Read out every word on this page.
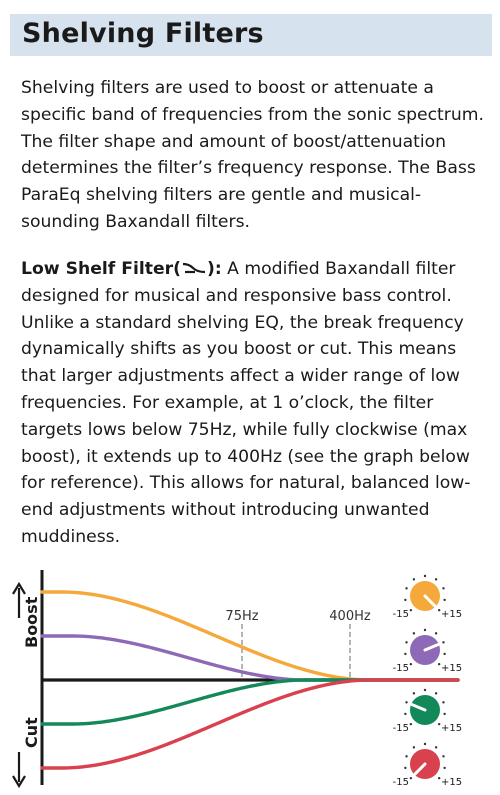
Shelving Filters

Shelving filters are used to boost or attenuate a specific band of frequencies from the sonic spectrum. The filter shape and amount of boost/attenuation determines the filter’s frequency response. The Bass ParaEq shelving filters are gentle and musical-sounding Baxandall filters.

Low Shelf Filter( ): A modified Baxandall filter designed for musical and responsive bass control. Unlike a standard shelving EQ, the break frequency dynamically shifts as you boost or cut. This means that larger adjustments affect a wider range of low frequencies. For example, at 1 o’clock, the filter targets lows below 75Hz, while fully clockwise (max boost), it extends up to 400Hz (see the graph below for reference). This allows for natural, balanced low-end adjustments without introducing unwanted muddiness.

Boost
Cut
75Hz	400Hz -15	+15
-15	+15
-15	+15
-15	+15
